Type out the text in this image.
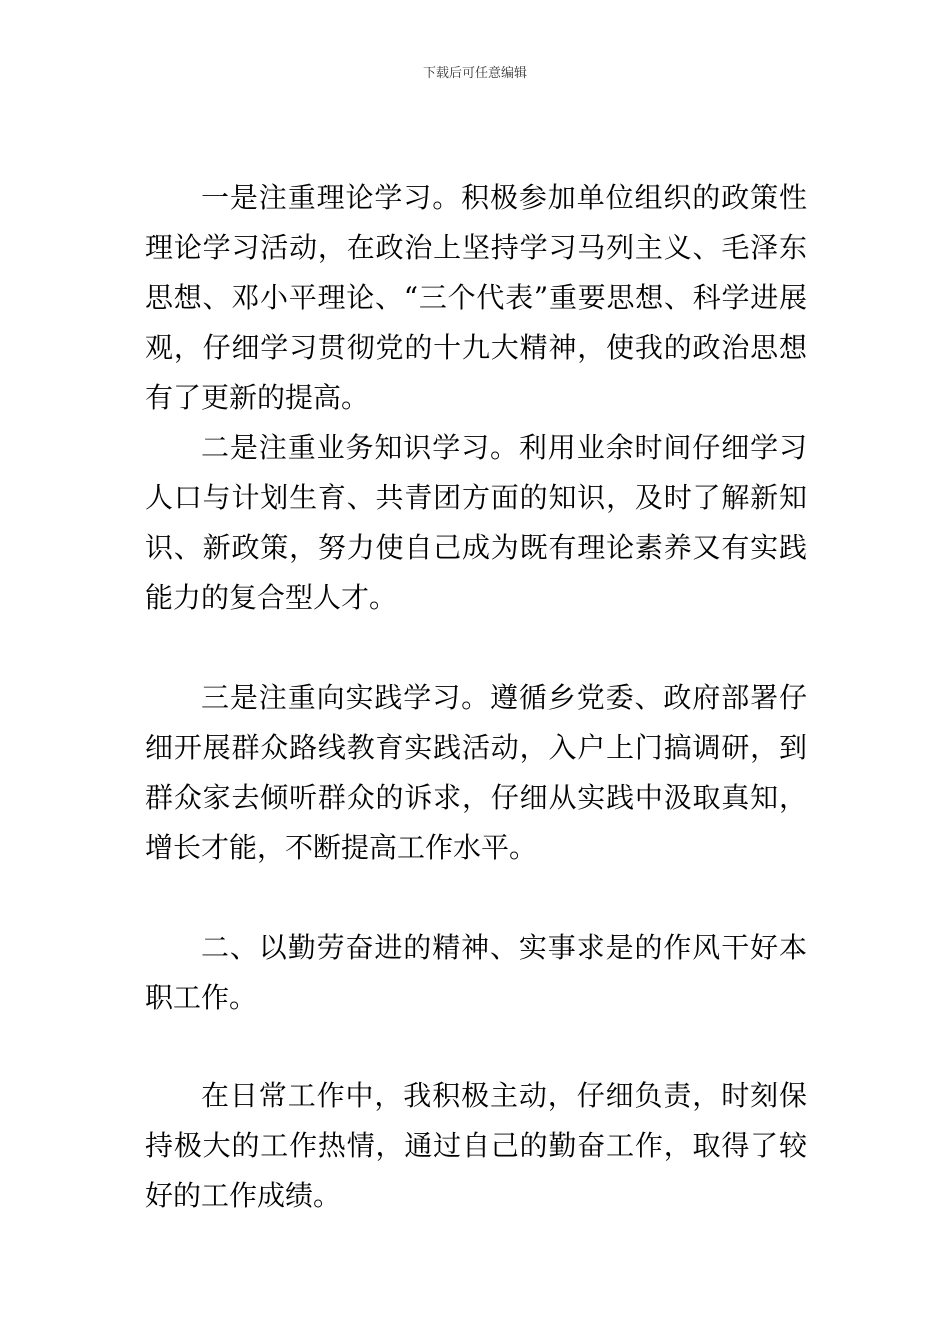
下载后可任意编辑

一是注重理论学习。积极参加单位组织的政策性理论学习活动，在政治上坚持学习马列主义、毛泽东思想、邓小平理论、“三个代表”重要思想、科学进展观，仔细学习贯彻党的十九大精神，使我的政治思想有了更新的提高。

二是注重业务知识学习。利用业余时间仔细学习人口与计划生育、共青团方面的知识，及时了解新知识、新政策，努力使自己成为既有理论素养又有实践能力的复合型人才。

三是注重向实践学习。遵循乡党委、政府部署仔细开展群众路线教育实践活动，入户上门搞调研，到群众家去倾听群众的诉求，仔细从实践中汲取真知，增长才能，不断提高工作水平。

二、以勤劳奋进的精神、实事求是的作风干好本职工作。

在日常工作中，我积极主动，仔细负责，时刻保持极大的工作热情，通过自己的勤奋工作，取得了较好的工作成绩。
